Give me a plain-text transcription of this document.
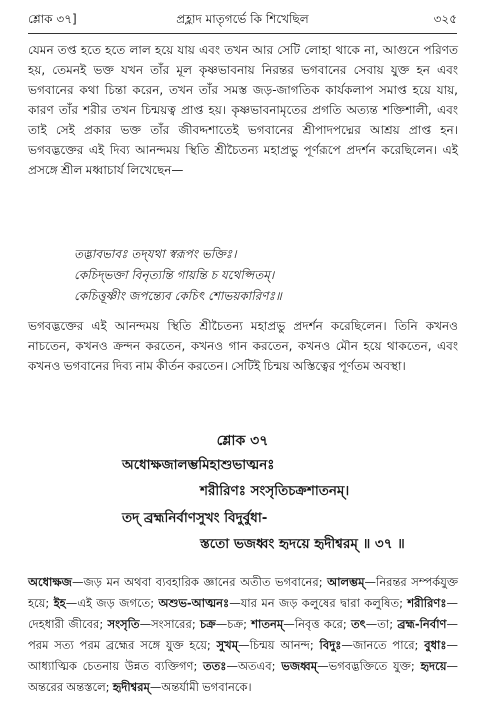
শ্লোক ৩৭]	প্রহ্লাদ মাতৃগর্ভে কি শিখেছিল	৩২৫
যেমন তপ্ত হতে হতে লাল হয়ে যায় এবং তখন আর সেটি লোহা থাকে না, আগুনে পরিণত হয়, তেমনই ভক্ত যখন তাঁর মূল কৃষ্ণভাবনায় নিরন্তর ভগবানের সেবায় যুক্ত হন এবং ভগবানের কথা চিন্তা করেন, তখন তাঁর সমস্ত জড়-জাগতিক কার্যকলাপ সমাপ্ত হয়ে যায়, কারণ তাঁর শরীর তখন চিন্ময়ত্ব প্রাপ্ত হয়। কৃষ্ণভাবনামৃতের প্রগতি অত্যন্ত শক্তিশালী, এবং তাই সেই প্রকার ভক্ত তাঁর জীবদ্দশাতেই ভগবানের শ্রীপাদপদ্মের আশ্রয় প্রাপ্ত হন। ভগবদ্ভক্তের এই দিব্য আনন্দময় স্থিতি শ্রীচৈতন্য মহাপ্রভু পূর্ণরূপে প্রদর্শন করেছিলেন। এই প্রসঙ্গে শ্রীল মধ্বাচার্য লিখেছেন—
তদ্ভাবভাবঃ তদ্‌যথা স্বরূপং ভক্তিঃ।
কেচিদ্‌ভক্তা বিনৃত্যন্তি গায়ন্তি চ যথেপ্সিতম্‌।
কেচিত্তূষ্ণীং জপন্ত্যেব কেচিৎ শোভয়কারিণঃ॥
ভগবদ্ভক্তের এই আনন্দময় স্থিতি শ্রীচৈতন্য মহাপ্রভু প্রদর্শন করেছিলেন। তিনি কখনও নাচতেন, কখনও ক্রন্দন করতেন, কখনও গান করতেন, কখনও মৌন হয়ে থাকতেন, এবং কখনও ভগবানের দিব্য নাম কীর্তন করতেন। সেটিই চিন্ময় অস্তিত্বের পূর্ণতম অবস্থা।
শ্লোক ৩৭
অধোক্ষজালম্ভমিহাশুভাত্মনঃ
শরীরিণঃ সংসৃতিচক্রশাতনম্‌।
তদ্‌ ব্রহ্মনির্বাণসুখং বিদুর্বুধা-
স্ততো ভজধ্বং হৃদয়ে হৃদীশ্বরম্‌ ॥ ৩৭ ॥
অধোক্ষজ—জড় মন অথবা ব্যবহারিক জ্ঞানের অতীত ভগবানের; আলম্ভম্‌—নিরন্তর সম্পর্কযুক্ত হয়ে; ইহ—এই জড় জগতে; অশুভ-আত্মনঃ—যার মন জড় কলুষের দ্বারা কলুষিত; শরীরিণঃ—দেহধারী জীবের; সংসৃতি—সংসারের; চক্র—চক্র; শাতনম্‌—নিবৃত্ত করে; তৎ—তা; ব্রহ্ম-নির্বাণ—পরম সত্য পরম ব্রহ্মের সঙ্গে যুক্ত হয়ে; সুখম্‌—চিন্ময় আনন্দ; বিদুঃ—জানতে পারে; বুধাঃ—আধ্যাত্মিক চেতনায় উন্নত ব্যক্তিগণ; ততঃ—অতএব; ভজধ্বম্‌—ভগবদ্ভক্তিতে যুক্ত; হৃদয়ে—অন্তরের অন্তস্তলে; হৃদীশ্বরম্‌—অন্তর্যামী ভগবানকে।
